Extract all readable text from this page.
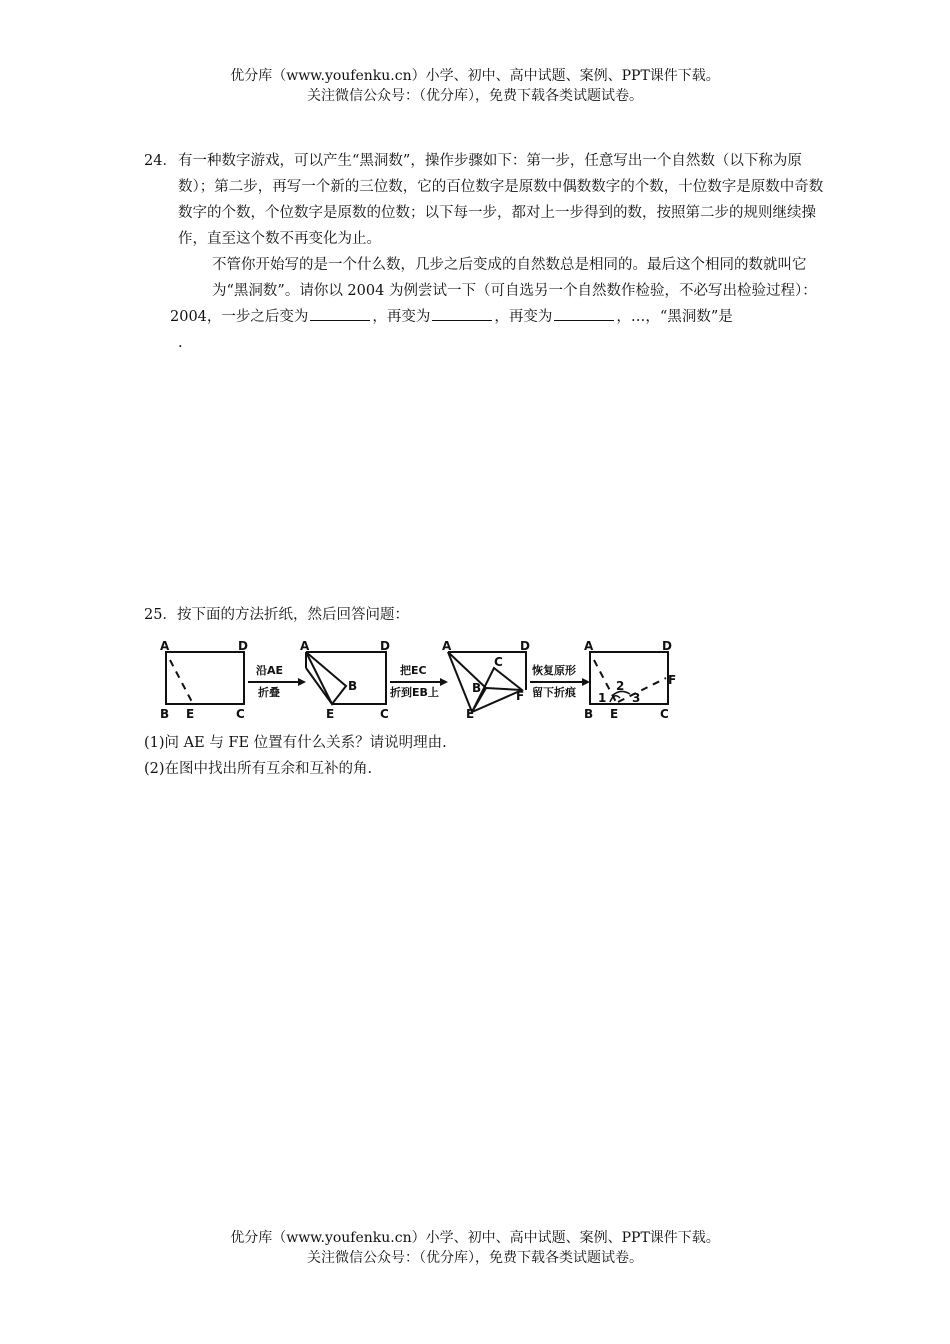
优分库（www.youfenku.cn）小学、初中、高中试题、案例、PPT课件下载。
关注微信公众号：（优分库），免费下载各类试题试卷。
24． 有一种数字游戏，可以产生“黑洞数”，操作步骤如下：第一步，任意写出一个自然数（以下称为原数）；第二步，再写一个新的三位数，它的百位数字是原数中偶数数字的个数，十位数字是原数中奇数数字的个数，个位数字是原数的位数；以下每一步，都对上一步得到的数，按照第二步的规则继续操作，直至这个数不再变化为止。
不管你开始写的是一个什么数，几步之后变成的自然数总是相同的。最后这个相同的数就叫它为“黑洞数”。请你以 2004 为例尝试一下（可自选另一个自然数作检验，不必写出检验过程）：
2004，一步之后变为	，再变为	，再变为	，…，“黑洞数”是
.
25．按下面的方法折纸，然后回答问题：
A	D
B E	C
沿AE
折叠
A	D
B
E	C
把EC
折到EB上
A	D
C
B
F
E
恢复原形
留下折痕
A	D
F
1
2
3
B E	C
(1)问 AE 与 FE 位置有什么关系？请说明理由.
(2)在图中找出所有互余和互补的角.
优分库（www.youfenku.cn）小学、初中、高中试题、案例、PPT课件下载。
关注微信公众号：（优分库），免费下载各类试题试卷。
